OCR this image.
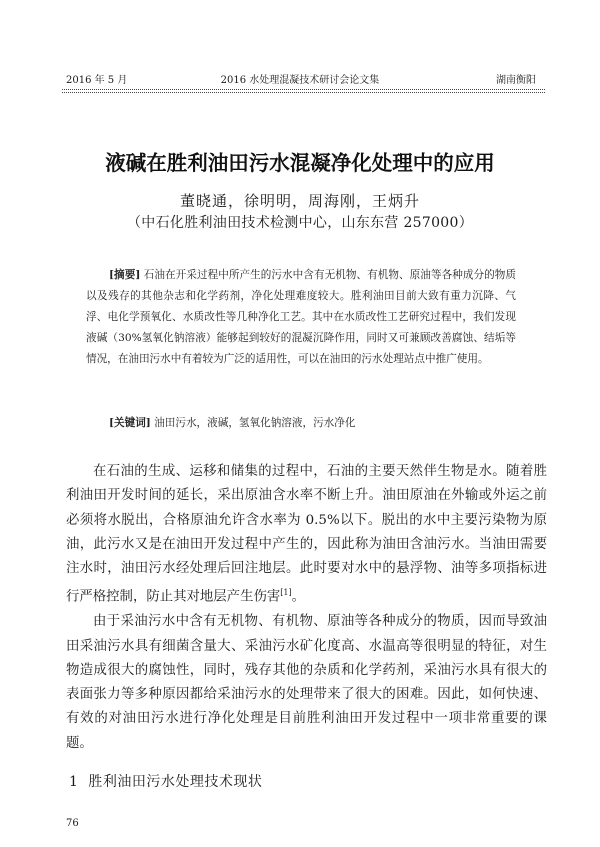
2016 年 5 月	2016 水处理混凝技术研讨会论文集	湖南衡阳
液碱在胜利油田污水混凝净化处理中的应用
董晓通，徐明明，周海刚，王炳升
（中石化胜利油田技术检测中心，山东东营 257000）
[摘要] 石油在开采过程中所产生的污水中含有无机物、有机物、原油等各种成分的物质以及残存的其他杂志和化学药剂，净化处理难度较大。胜利油田目前大致有重力沉降、气浮、电化学预氧化、水质改性等几种净化工艺。其中在水质改性工艺研究过程中，我们发现液碱（30%氢氧化钠溶液）能够起到较好的混凝沉降作用，同时又可兼顾改善腐蚀、结垢等情况，在油田污水中有着较为广泛的适用性，可以在油田的污水处理站点中推广使用。
[关键词] 油田污水，液碱，氢氧化钠溶液，污水净化

在石油的生成、运移和储集的过程中，石油的主要天然伴生物是水。随着胜利油田开发时间的延长，采出原油含水率不断上升。油田原油在外输或外运之前必须将水脱出，合格原油允许含水率为 0.5%以下。脱出的水中主要污染物为原油，此污水又是在油田开发过程中产生的，因此称为油田含油污水。当油田需要注水时，油田污水经处理后回注地层。此时要对水中的悬浮物、油等多项指标进行严格控制，防止其对地层产生伤害[1]。

由于采油污水中含有无机物、有机物、原油等各种成分的物质，因而导致油田采油污水具有细菌含量大、采油污水矿化度高、水温高等很明显的特征，对生物造成很大的腐蚀性，同时，残存其他的杂质和化学药剂，采油污水具有很大的表面张力等多种原因都给采油污水的处理带来了很大的困难。因此，如何快速、有效的对油田污水进行净化处理是目前胜利油田开发过程中一项非常重要的课题。

1 胜利油田污水处理技术现状
76
